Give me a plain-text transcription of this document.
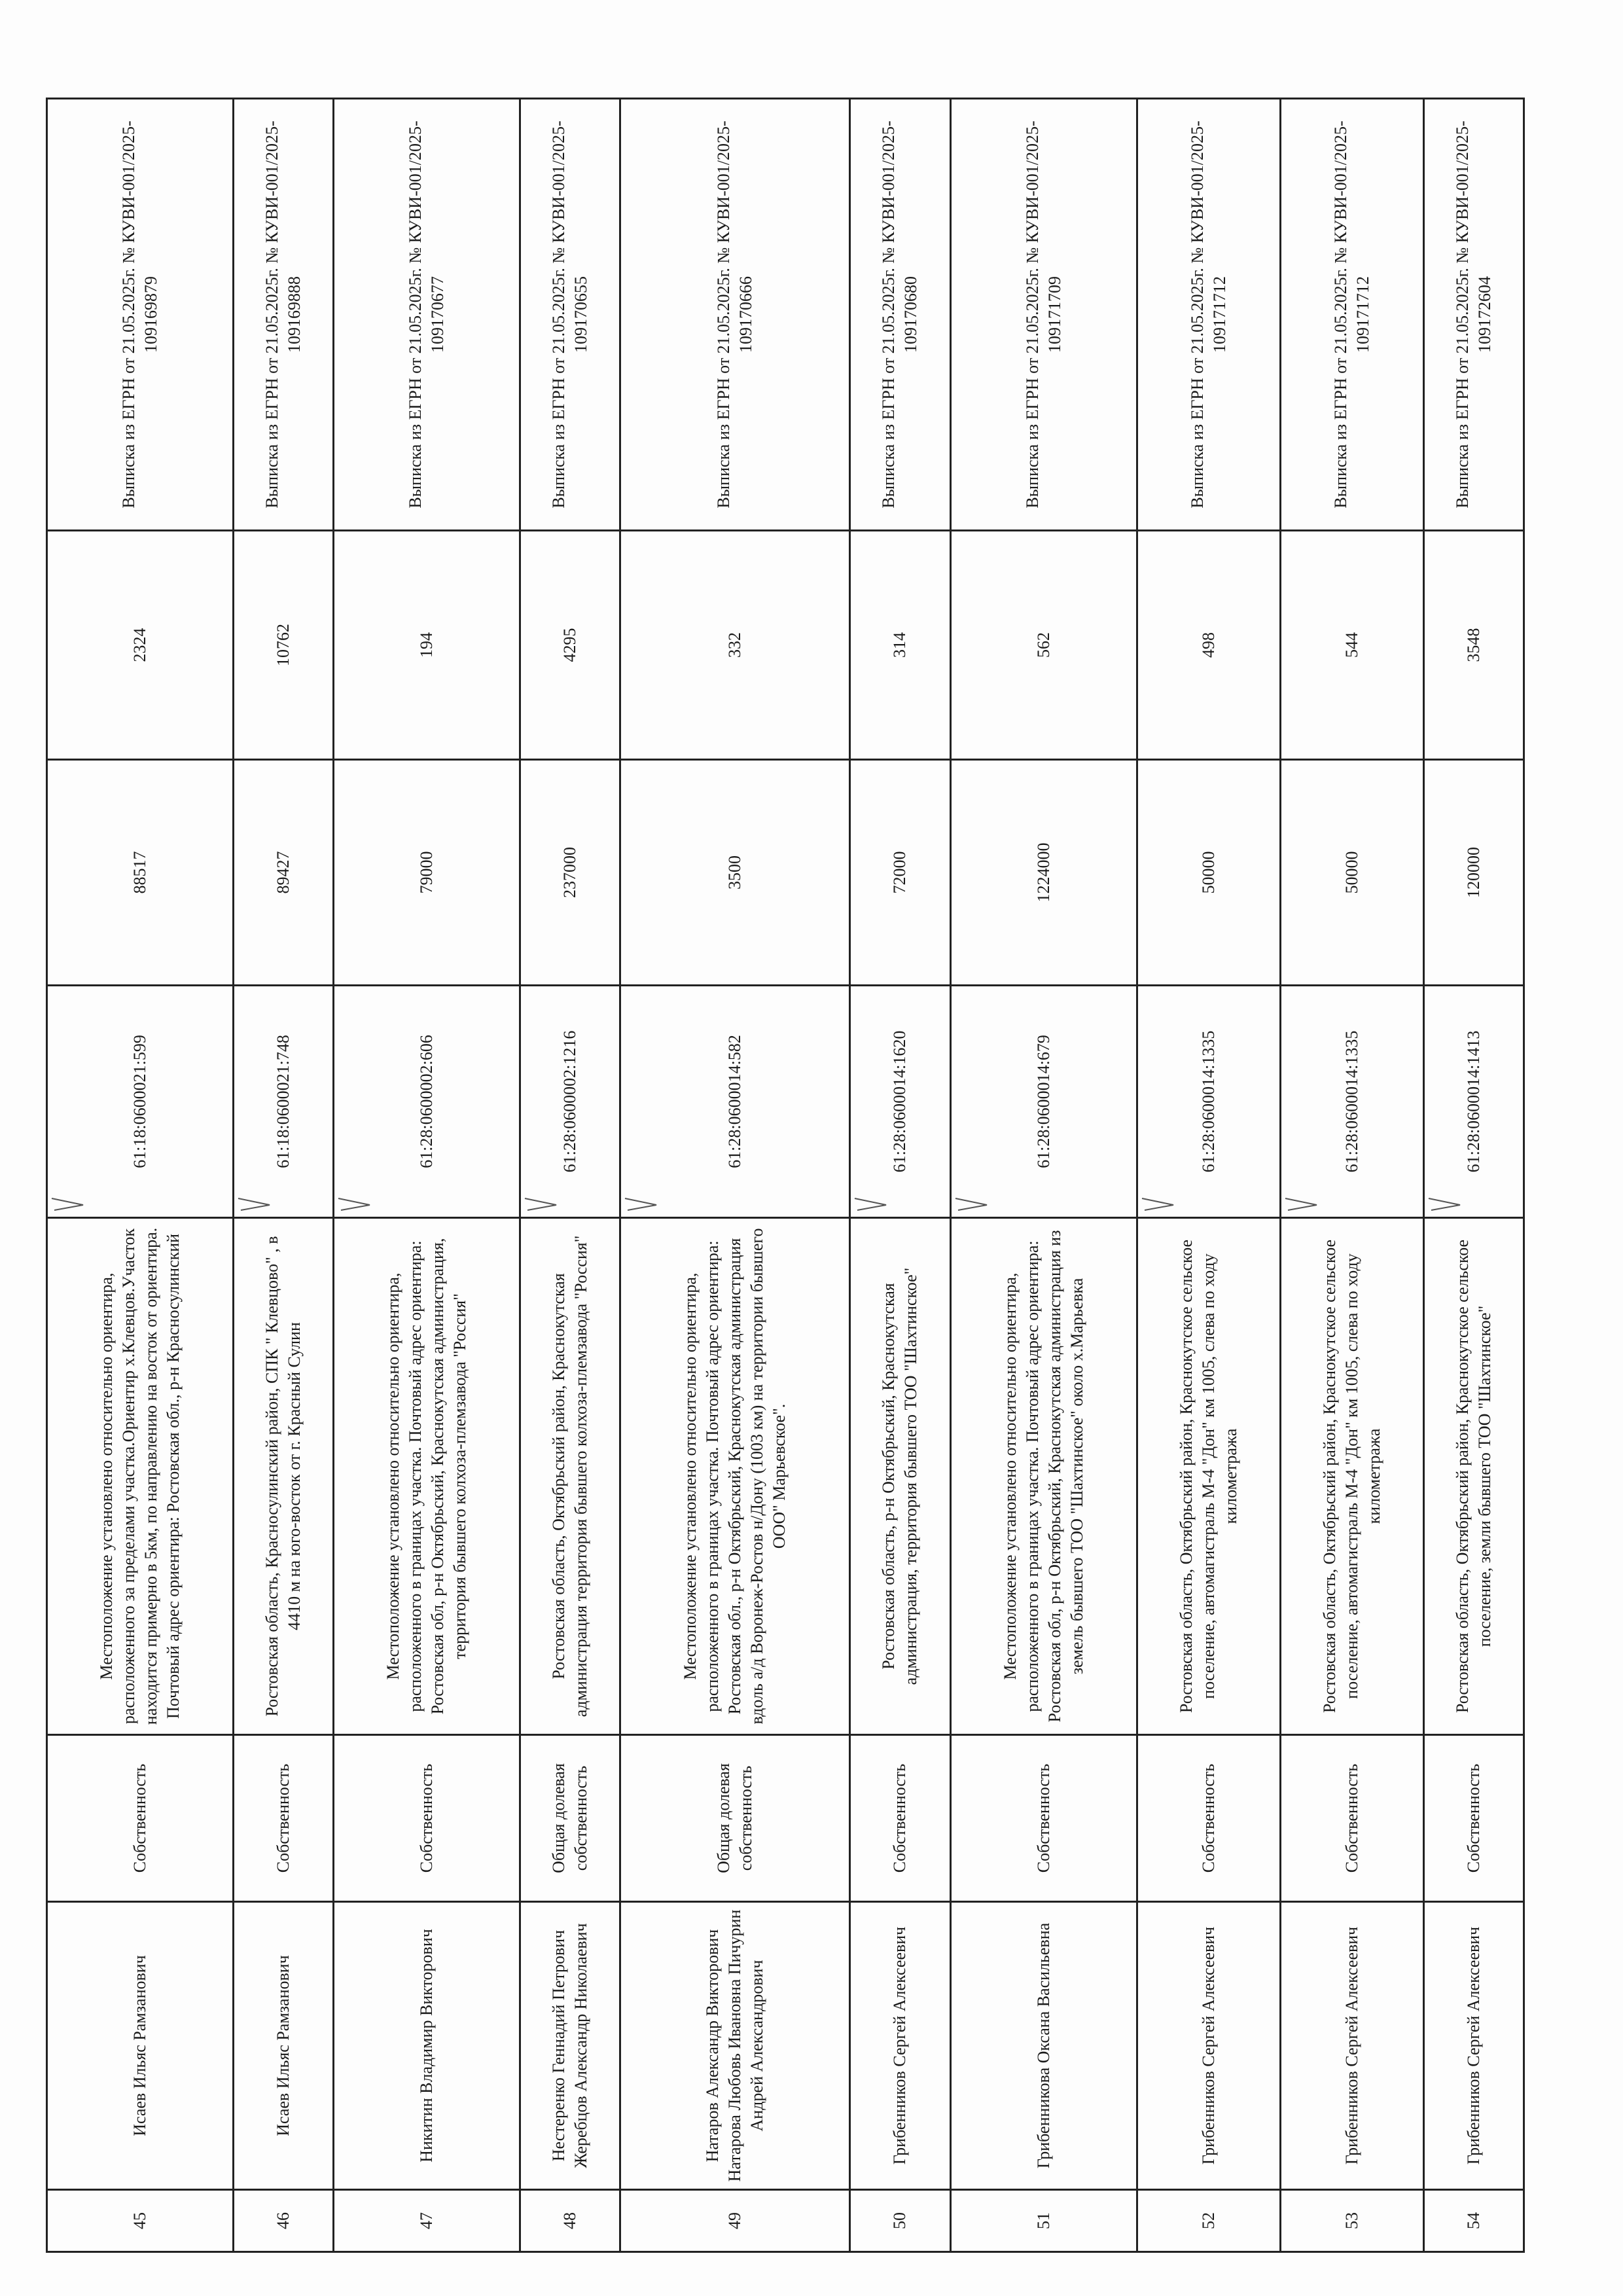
45	Исаев Ильяс Рамзанович	Собственность	Местоположение установлено относительно ориентира, расположенного за пределами участка.Ориентир х.Клевцов.Участок находится примерно в 5км, по направлению на восток от ориентира. Почтовый адрес ориентира: Ростовская обл., р-н Красносулинский	61:18:0600021:599	88517	2324	Выписка из ЕГРН от 21.05.2025г. № КУВИ-001/2025-109169879
46	Исаев Ильяс Рамзанович	Собственность	Ростовская область, Красносулинский район, СПК " Клевцово" , в 4410 м на юго-восток от г. Красный Сулин	61:18:0600021:748	89427	10762	Выписка из ЕГРН от 21.05.2025г. № КУВИ-001/2025-109169888
47	Никитин Владимир Викторович	Собственность	Местоположение установлено относительно ориентира, расположенного в границах участка. Почтовый адрес ориентира: Ростовская обл, р-н Октябрьский, Краснокутская администрация, территория бывшего колхоза-племзавода "Россия"	61:28:0600002:606	79000	194	Выписка из ЕГРН от 21.05.2025г. № КУВИ-001/2025-109170677
48	Нестеренко Геннадий Петрович Жеребцов Александр Николаевич	Общая долевая собственность	Ростовская область, Октябрьский район, Краснокутская администрация территория бывшего колхоза-племзавода "Россия"	61:28:0600002:1216	237000	4295	Выписка из ЕГРН от 21.05.2025г. № КУВИ-001/2025-109170655
49	Натаров Александр Викторович Натарова Любовь Ивановна Пичурин Андрей Александрович	Общая долевая собственность	Местоположение установлено относительно ориентира, расположенного в границах участка. Почтовый адрес ориентира: Ростовская обл., р-н Октябрьский, Краснокутская администрация вдоль а/д Воронеж-Ростов н/Дону (1003 км) на территории бывшего ООО" Марьевское".	61:28:0600014:582	3500	332	Выписка из ЕГРН от 21.05.2025г. № КУВИ-001/2025-109170666
50	Грибенников Сергей Алексеевич	Собственность	Ростовская область, р-н Октябрьский, Краснокутская администрация, территория бывшего ТОО "Шахтинское"	61:28:0600014:1620	72000	314	Выписка из ЕГРН от 21.05.2025г. № КУВИ-001/2025-109170680
51	Грибенникова Оксана Васильевна	Собственность	Местоположение установлено относительно ориентира, расположенного в границах участка. Почтовый адрес ориентира: Ростовская обл, р-н Октябрьский, Краснокутская администрация из земель бывшего ТОО "Шахтинское" около х.Марьевка	61:28:0600014:679	1224000	562	Выписка из ЕГРН от 21.05.2025г. № КУВИ-001/2025-109171709
52	Грибенников Сергей Алексеевич	Собственность	Ростовская область, Октябрьский район, Краснокутское сельское поселение, автомагистраль М-4 "Дон" км 1005, слева по ходу километража	61:28:0600014:1335	50000	498	Выписка из ЕГРН от 21.05.2025г. № КУВИ-001/2025-109171712
53	Грибенников Сергей Алексеевич	Собственность	Ростовская область, Октябрьский район, Краснокутское сельское поселение, автомагистраль М-4 "Дон" км 1005, слева по ходу километража	61:28:0600014:1335	50000	544	Выписка из ЕГРН от 21.05.2025г. № КУВИ-001/2025-109171712
54	Грибенников Сергей Алексеевич	Собственность	Ростовская область, Октябрьский район, Краснокутское сельское поселение, земли бывшего ТОО "Шахтинское"	61:28:0600014:1413	120000	3548	Выписка из ЕГРН от 21.05.2025г. № КУВИ-001/2025-109172604
